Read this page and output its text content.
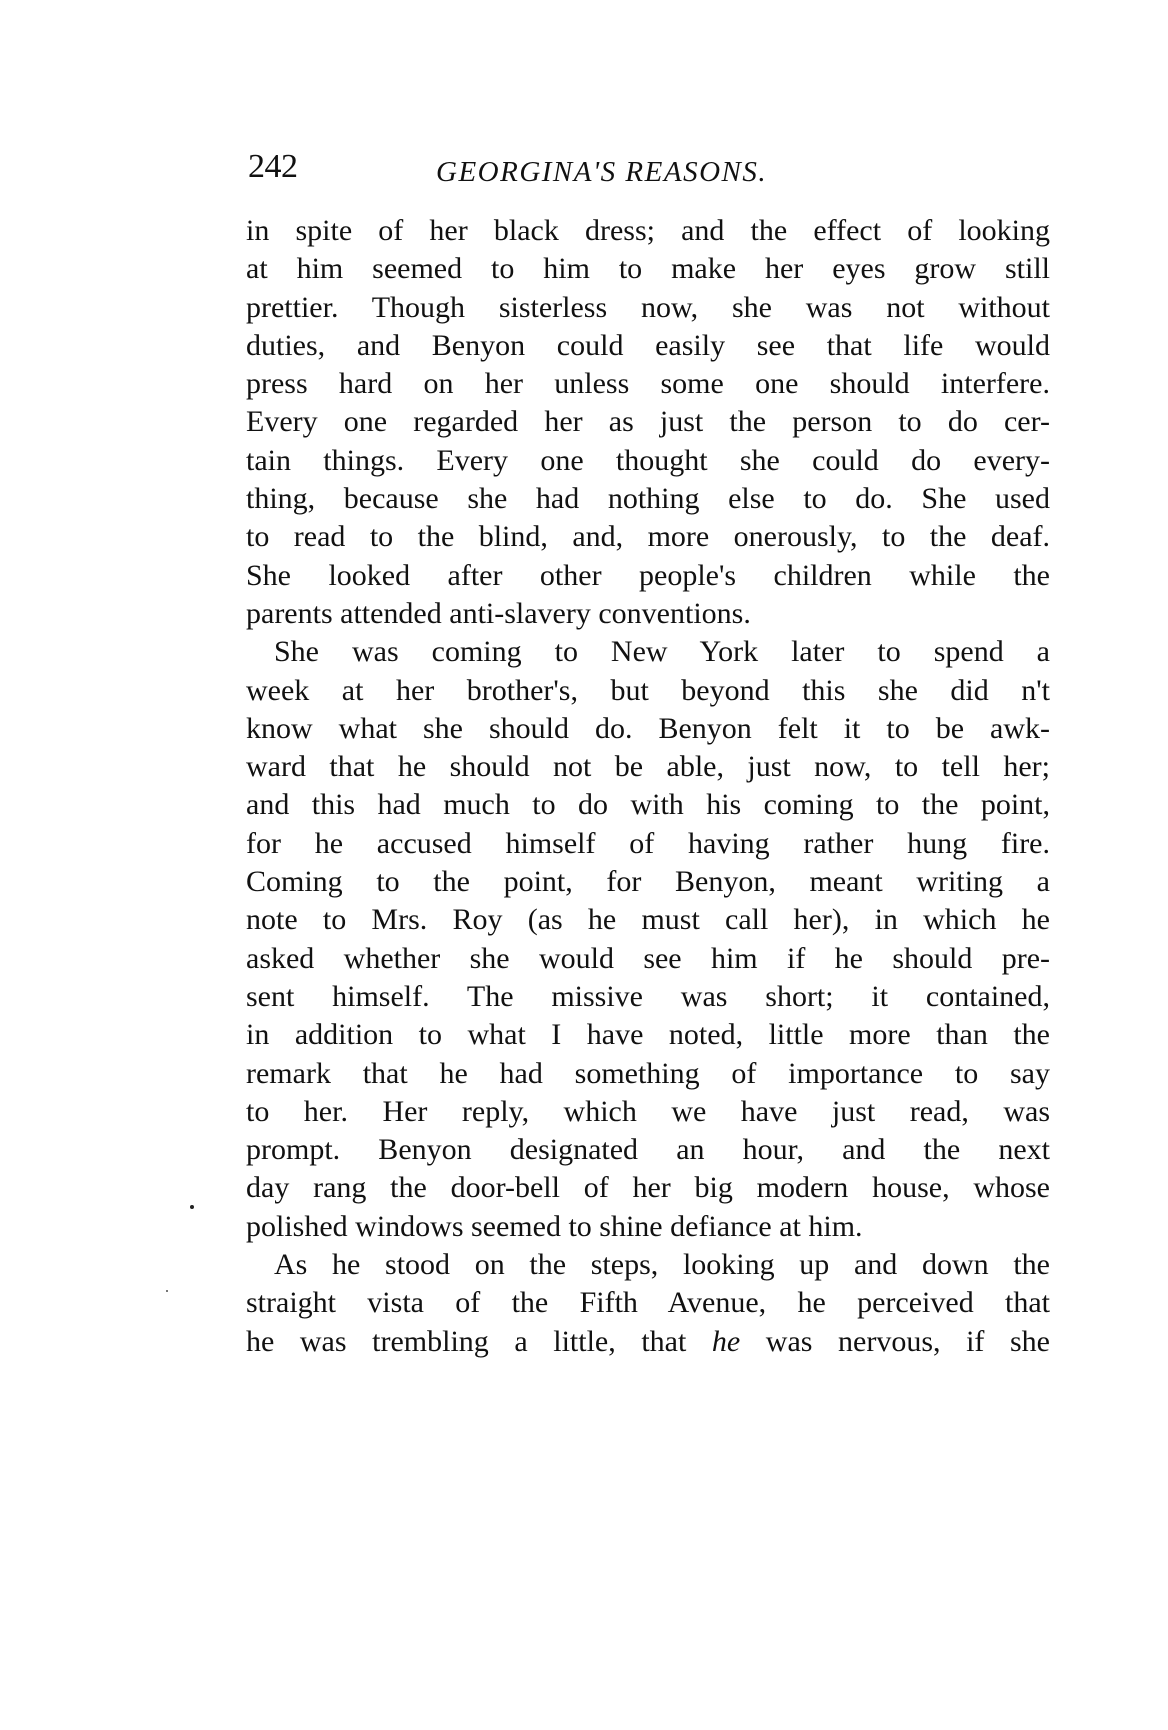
242	GEORGINA'S REASONS.
in spite of her black dress; and the effect of looking
at him seemed to him to make her eyes grow still
prettier. Though sisterless now, she was not without
duties, and Benyon could easily see that life would
press hard on her unless some one should interfere.
Every one regarded her as just the person to do cer-
tain things. Every one thought she could do every-
thing, because she had nothing else to do. She used
to read to the blind, and, more onerously, to the deaf.
She looked after other people's children while the
parents attended anti-slavery conventions.
She was coming to New York later to spend a
week at her brother's, but beyond this she did n't
know what she should do. Benyon felt it to be awk-
ward that he should not be able, just now, to tell her;
and this had much to do with his coming to the point,
for he accused himself of having rather hung fire.
Coming to the point, for Benyon, meant writing a
note to Mrs. Roy (as he must call her), in which he
asked whether she would see him if he should pre-
sent himself. The missive was short; it contained,
in addition to what I have noted, little more than the
remark that he had something of importance to say
to her. Her reply, which we have just read, was
prompt. Benyon designated an hour, and the next
day rang the door-bell of her big modern house, whose
polished windows seemed to shine defiance at him.
As he stood on the steps, looking up and down the
straight vista of the Fifth Avenue, he perceived that
he was trembling a little, that he was nervous, if she
